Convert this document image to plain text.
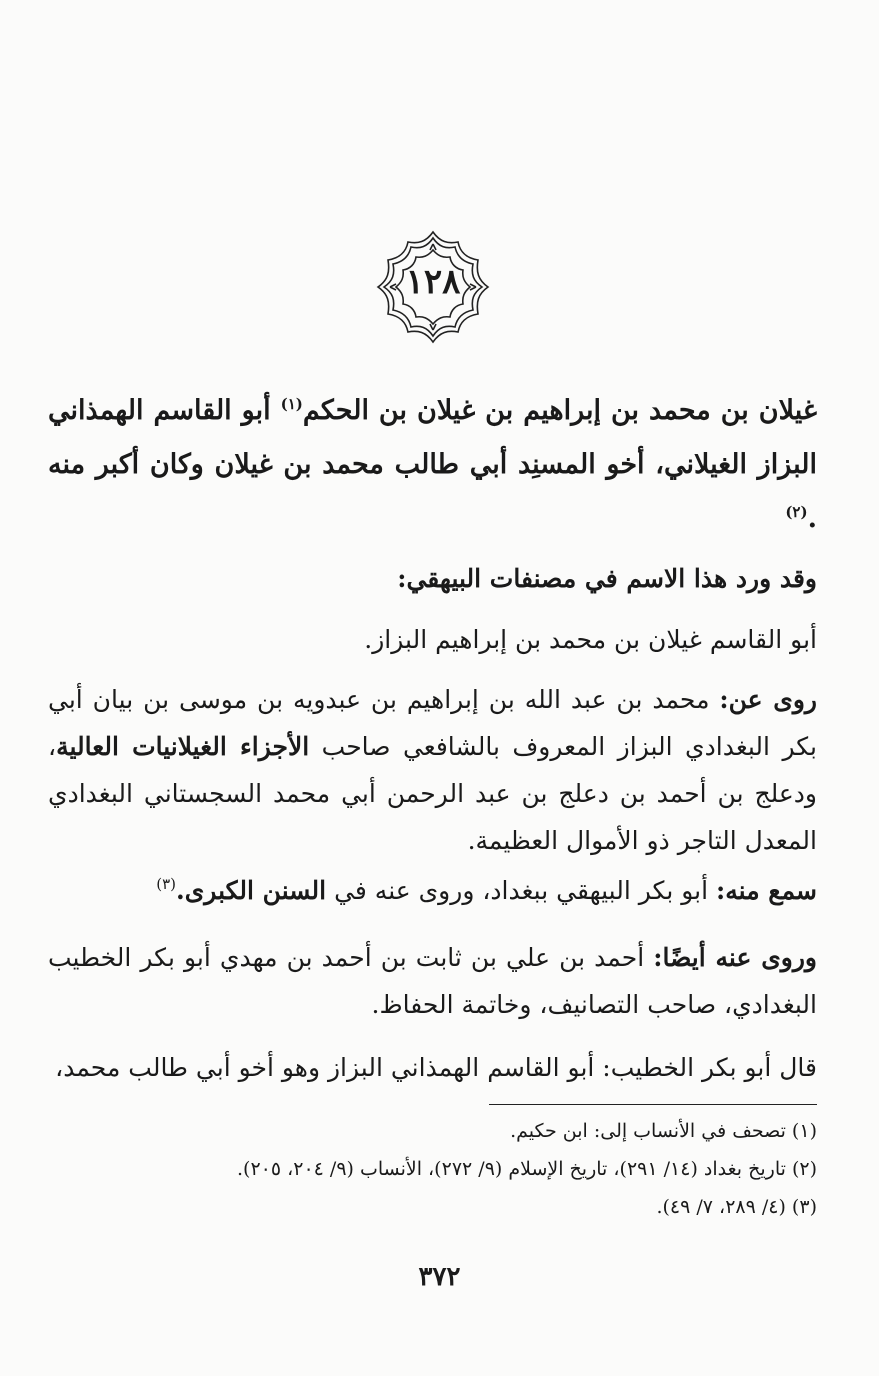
١٢٨
غيلان بن محمد بن إبراهيم بن غيلان بن الحكم$^{(١)}$ أبو القاسم الهمذاني البزاز الغيلاني، أخو المسنِد أبي طالب محمد بن غيلان وكان أكبر منه .$^{(٢)}$
وقد ورد هذا الاسم في مصنفات البيهقي:
أبو القاسم غيلان بن محمد بن إبراهيم البزاز.
روى عن: محمد بن عبد الله بن إبراهيم بن عبدويه بن موسى بن بيان أبي بكر البغدادي البزاز المعروف بالشافعي صاحب الأجزاء الغيلانيات العالية، ودعلج بن أحمد بن دعلج بن عبد الرحمن أبي محمد السجستاني البغدادي المعدل التاجر ذو الأموال العظيمة.
سمع منه: أبو بكر البيهقي ببغداد، وروى عنه في السنن الكبرى.$^{(٣)}$
وروى عنه أيضًا: أحمد بن علي بن ثابت بن أحمد بن مهدي أبو بكر الخطيب البغدادي، صاحب التصانيف، وخاتمة الحفاظ.
قال أبو بكر الخطيب: أبو القاسم الهمذاني البزاز وهو أخو أبي طالب محمد،
(١) تصحف في الأنساب إلى: ابن حكيم.
(٢) تاريخ بغداد (١٤/ ٢٩١)، تاريخ الإسلام (٩/ ٢٧٢)، الأنساب (٩/ ٢٠٤، ٢٠٥).
(٣) (٤/ ٢٨٩، ٧/ ٤٩).
٣٧٢
